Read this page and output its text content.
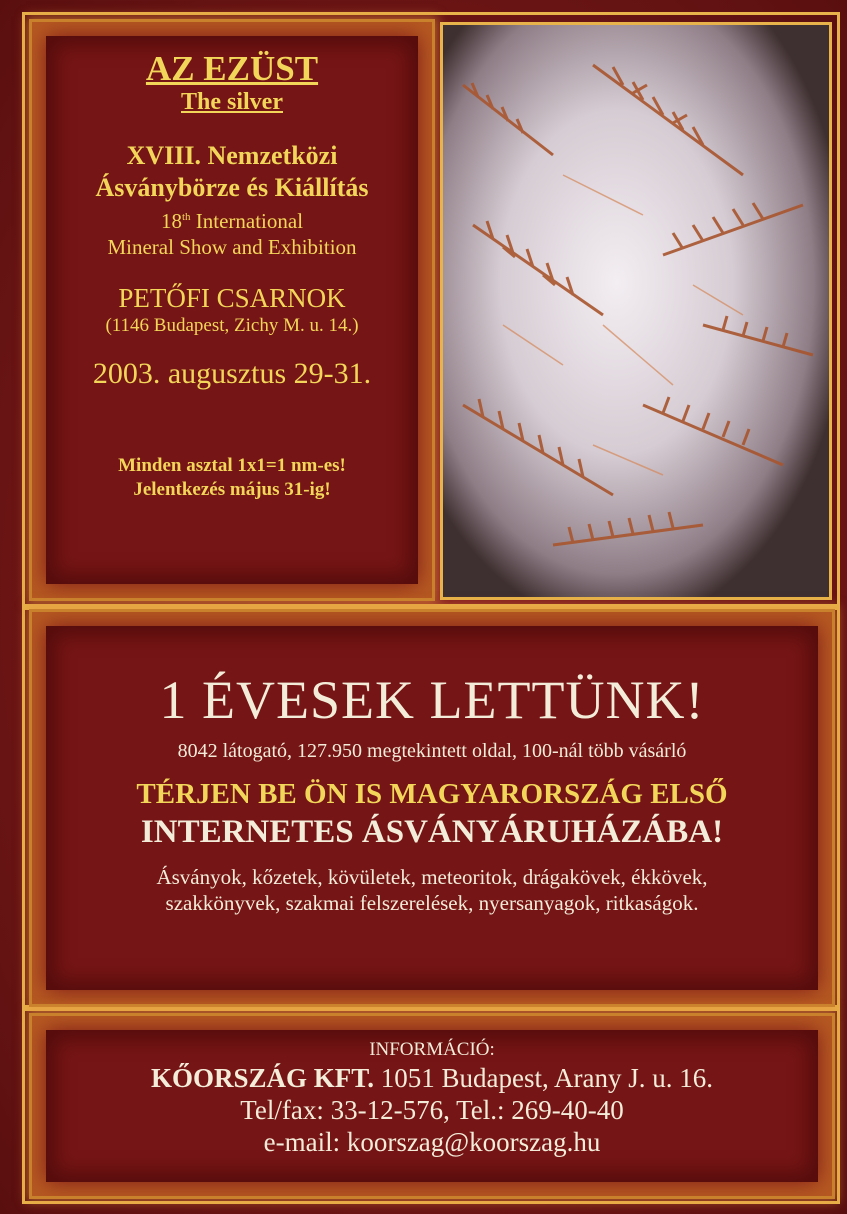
AZ EZÜST
The silver
XVIII. Nemzetközi
Ásványbörze és Kiállítás
18th International
Mineral Show and Exhibition
PETŐFI CSARNOK
(1146 Budapest, Zichy M. u. 14.)
2003. augusztus 29-31.
Minden asztal 1x1=1 nm-es!
Jelentkezés május 31-ig!
1 ÉVESEK LETTÜNK!
8042 látogató, 127.950 megtekintett oldal, 100-nál több vásárló
TÉRJEN BE ÖN IS MAGYARORSZÁG ELSŐ
INTERNETES ÁSVÁNYÁRUHÁZÁBA!
Ásványok, kőzetek, kövületek, meteoritok, drágakövek, ékkövek,
szakkönyvek, szakmai felszerelések, nyersanyagok, ritkaságok.
INFORMÁCIÓ:
KŐORSZÁG KFT. 1051 Budapest, Arany J. u. 16.
Tel/fax: 33-12-576, Tel.: 269-40-40
e-mail: koorszag@koorszag.hu
